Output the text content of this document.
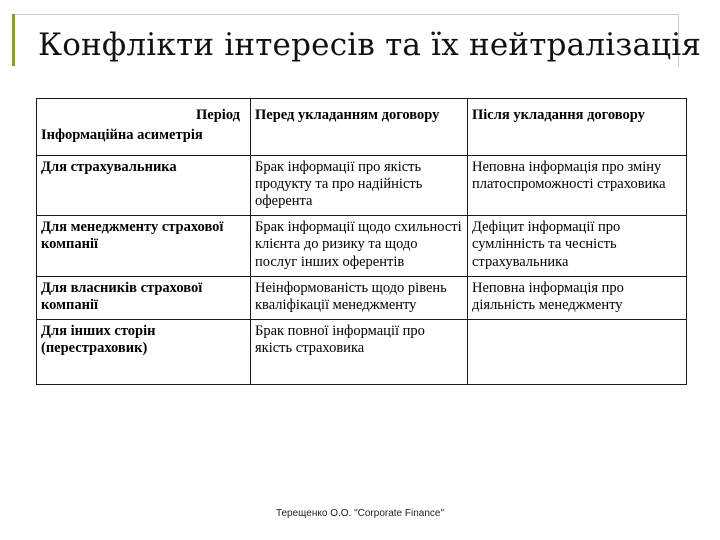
Конфлікти інтересів та їх нейтралізація
Період
Інформаційна асиметрія	Перед укладанням договору	Після укладання договору
Для страхувальника	Брак інформації про якість продукту та про надійність оферента	Неповна інформація про зміну платоспроможності страховика
Для менеджменту страхової компанії	Брак інформації щодо схильності клієнта до ризику та щодо послуг інших оферентів	Дефіцит інформації про сумлінність та чесність страхувальника
Для власників страхової компанії	Неінформованість щодо рівень кваліфікації менеджменту	Неповна інформація про діяльність менеджменту
Для інших сторін (перестраховик)	Брак повної інформації про якість страховика	
Терещенко О.О. "Corporate Finance"
